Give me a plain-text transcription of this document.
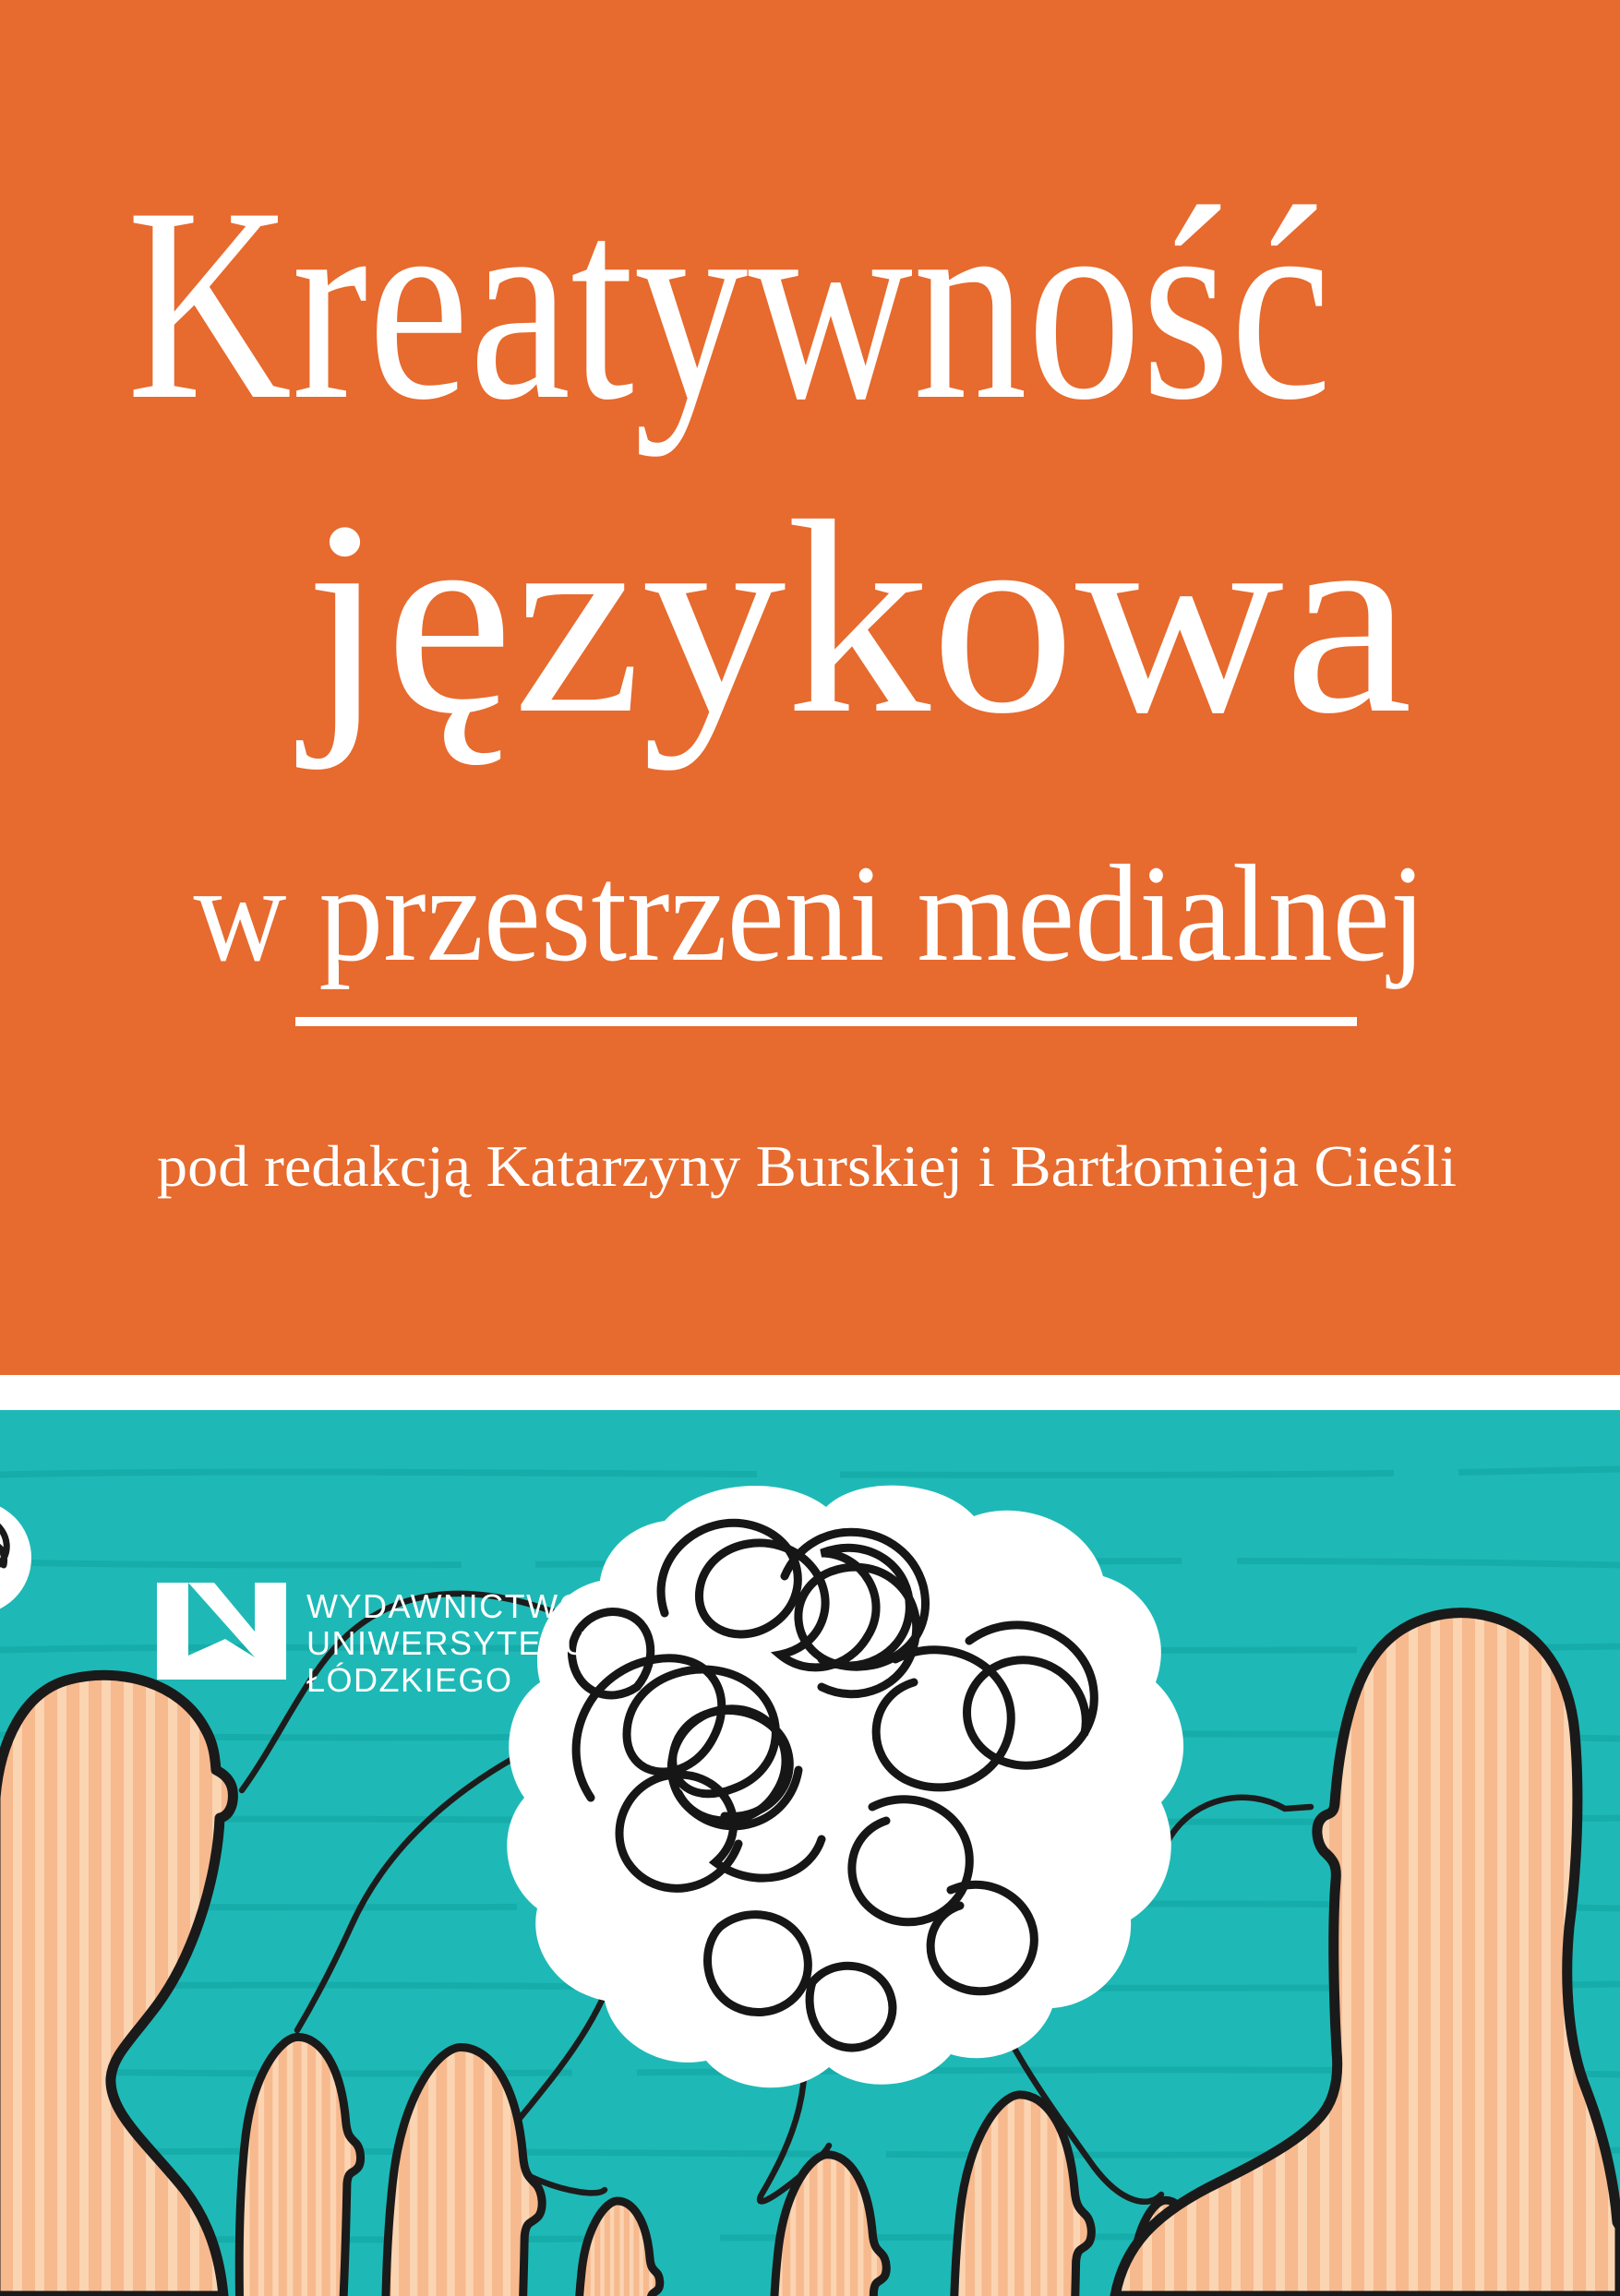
Kreatywność
językowa
w przestrzeni medialnej
pod redakcją Katarzyny Burskiej i Bartłomieja Cieśli
WYDAWNICTWO
UNIWERSYTETU
ŁÓDZKIEGO
